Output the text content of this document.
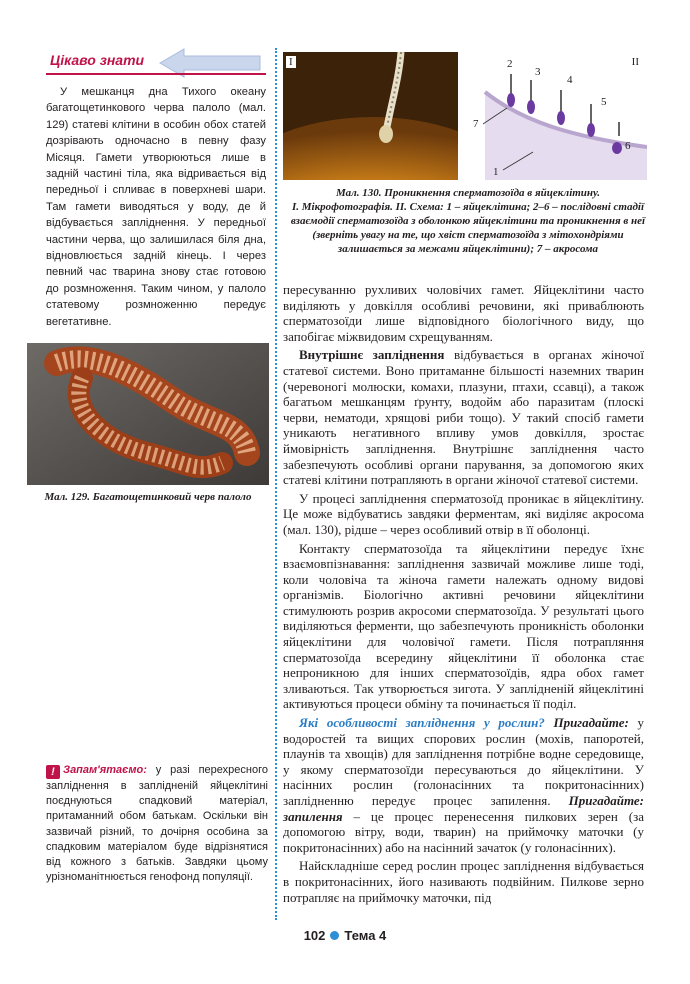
Цікаво знати

У мешканця дна Тихого океану багатощетинкового черва палоло (мал. 129) статеві клітини в особин обох статей дозрівають одночасно в певну фазу Місяця. Гамети утворюються лише в задній частині тіла, яка відривається від передньої і спливає в поверхневі шари. Там гамети виводяться у воду, де й відбувається запліднення. У передньої частини черва, що залишилася біля дна, відновлюється задній кінець. І через певний час тварина знову стає готовою до розмноження. Таким чином, у палоло статевому розмноженню передує вегетативне.

Мал. 129. Багатощетинковий черв палоло

! Запам'ятаємо: у разі перехресного запліднення в заплідненій яйцеклітині поєднуються спадковий матеріал, притаманний обом батькам. Оскільки він зазвичай різний, то дочірня особина за спадковим матеріалом буде відрізнятися від кожного з батьків. Завдяки цьому урізноманітнюється генофонд популяції.

І	ІІ
1
2
3
4
5
6
7

Мал. 130. Проникнення сперматозоїда в яйцеклітину.

І. Мікрофотографія. ІІ. Схема: 1 – яйцеклітина; 2–6 – послідовні стадії взаємодії сперматозоїда з оболонкою яйцеклітини та проникнення в неї (зверніть увагу на те, що хвіст сперматозоїда з мітохондріями залишається за межами яйцеклітини); 7 – акросома

пересуванню рухливих чоловічих гамет. Яйцеклітини часто виділяють у довкілля особливі речовини, які приваблюють сперматозоїди лише відповідного біологічного виду, що запобігає міжвидовим схрещуванням.

Внутрішнє запліднення відбувається в органах жіночої статевої системи. Воно притаманне більшості наземних тварин (черевоногі молюски, комахи, плазуни, птахи, ссавці), а також багатьом мешканцям ґрунту, водойм або паразитам (плоскі черви, нематоди, хрящові риби тощо). У такий спосіб гамети уникають негативного впливу умов довкілля, зростає ймовірність запліднення. Внутрішнє запліднення часто забезпечують особливі органи парування, за допомогою яких статеві клітини потрапляють в органи жіночої статевої системи.

У процесі запліднення сперматозоїд проникає в яйцеклітину. Це може відбуватись завдяки ферментам, які виділяє акросома (мал. 130), рідше – через особливий отвір в її оболонці.

Контакту сперматозоїда та яйцеклітини передує їхнє взаємовпізнавання: запліднення зазвичай можливе лише тоді, коли чоловіча та жіноча гамети належать одному видові організмів. Біологічно активні речовини яйцеклітини стимулюють розрив акросоми сперматозоїда. У результаті цього виділяються ферменти, що забезпечують проникність оболонки яйцеклітини для чоловічої гамети. Після потрапляння сперматозоїда всередину яйцеклітини її оболонка стає непроникною для інших сперматозоїдів, ядра обох гамет зливаються. Так утворюється зигота. У заплідненій яйцеклітині активуються процеси обміну та починається її поділ.

Які особливості запліднення у рослин? Пригадайте: у водоростей та вищих спорових рослин (мохів, папоротей, плаунів та хвощів) для запліднення потрібне водне середовище, у якому сперматозоїди пересуваються до яйцеклітини. У насінних рослин (голонасінних та покритонасінних) заплідненню передує процес запилення. Пригадайте: запилення – це процес перенесення пилкових зерен (за допомогою вітру, води, тварин) на приймочку маточки (у покритонасінних) або на насінний зачаток (у голонасінних).

Найскладніше серед рослин процес запліднення відбувається в покритонасінних, його називають подвійним. Пилкове зерно потрапляє на приймочку маточки, під

102 Тема 4
